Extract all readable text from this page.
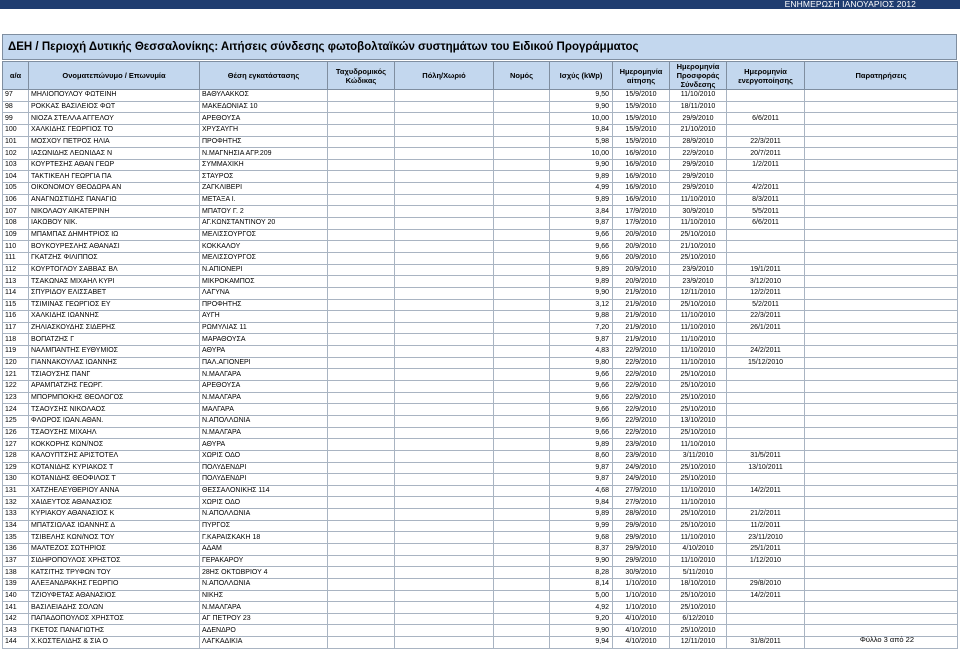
ΕΝΗΜΕΡΩΣΗ ΙΑΝΟΥΑΡΙΟΣ 2012
ΔΕΗ / Περιοχή Δυτικής Θεσσαλονίκης: Αιτήσεις σύνδεσης φωτοβολταϊκών συστημάτων του Ειδικού Προγράμματος
α/α	Ονοματεπώνυμο / Επωνυμία	Θέση εγκατάστασης	Ταχυδρομικός Κώδικας	Πόλη/Χωριό	Νομός	Ισχύς (kWp)	Ημερομηνία αίτησης	Ημερομηνία Προσφοράς Σύνδεσης	Ημερομηνία ενεργοποίησης	Παρατηρήσεις
97	ΜΗΛΙΟΠΟΥΛΟΥ ΦΩΤΕΙΝΗ	ΒΑΘΥΛΑΚΚΟΣ				9,50	15/9/2010	11/10/2010		
98	ΡΟΚΚΑΣ ΒΑΣΙΛΕΙΟΣ ΦΩΤ	ΜΑΚΕΔΟΝΙΑΣ 10				9,90	15/9/2010	18/11/2010		
99	ΝΙΟΖΑ ΣΤΕΛΛΑ ΑΓΓΕΛΟΥ	ΑΡΕΘΟΥΣΑ				10,00	15/9/2010	29/9/2010	6/6/2011	
100	ΧΑΛΚΙΔΗΣ ΓΕΩΡΓΙΟΣ ΤΟ	ΧΡΥΣΑΥΓΗ				9,84	15/9/2010	21/10/2010		
101	ΜΟΣΧΟΥ ΠΕΤΡΟΣ ΗΛΙΑ	ΠΡΟΦΗΤΗΣ				5,98	15/9/2010	28/9/2010	22/3/2011	
102	ΙΑΣΩΝΙΔΗΣ ΛΕΩΝΙΔΑΣ Ν	Ν.ΜΑΓΝΗΣΙΑ ΑΓΡ.209				10,00	16/9/2010	22/9/2010	20/7/2011	
103	ΚΟΥΡΤΕΣΗΣ ΑΘΑΝ ΓΕΩΡ	ΣΥΜΜΑΧΙΚΗ				9,90	16/9/2010	29/9/2010	1/2/2011	
104	ΤΑΚΤΙΚΕΛΗ ΓΕΩΡΓΙΑ ΠΑ	ΣΤΑΥΡΟΣ				9,89	16/9/2010	29/9/2010		
105	ΟΙΚΟΝΟΜΟΥ ΘΕΟΔΩΡΑ ΑΝ	ΖΑΓΚΛΙΒΕΡΙ				4,99	16/9/2010	29/9/2010	4/2/2011	
106	ΑΝΑΓΝΩΣΤΙΔΗΣ ΠΑΝΑΓΙΩ	ΜΕΤΑΞΑ Ι.				9,89	16/9/2010	11/10/2010	8/3/2011	
107	ΝΙΚΟΛΑΟΥ ΑΙΚΑΤΕΡΙΝΗ	ΜΠΑΤΟΥ Γ. 2				3,84	17/9/2010	30/9/2010	5/5/2011	
108	ΙΑΚΩΒΟΥ ΝΙΚ.	ΑΓ.ΚΩΝΣΤΑΝΤΙΝΟΥ 20				9,87	17/9/2010	11/10/2010	6/6/2011	
109	ΜΠΑΜΠΑΣ ΔΗΜΗΤΡΙΟΣ ΙΩ	ΜΕΛΙΣΣΟΥΡΓΟΣ				9,66	20/9/2010	25/10/2010		
110	ΒΟΥΚΟΥΡΕΣΛΗΣ ΑΘΑΝΑΣΙ	ΚΟΚΚΑΛΟΥ				9,66	20/9/2010	21/10/2010		
111	ΓΚΑΤΖΗΣ ΦΙΛΙΠΠΟΣ	ΜΕΛΙΣΣΟΥΡΓΟΣ				9,66	20/9/2010	25/10/2010		
112	ΚΟΥΡΤΟΓΛΟΥ ΣΑΒΒΑΣ ΒΛ	Ν.ΑΠΙΟΝΕΡΙ				9,89	20/9/2010	23/9/2010	19/1/2011	
113	ΤΣΑΚΩΝΑΣ ΜΙΧΑΗΛ ΚΥΡΙ	ΜΙΚΡΟΚΑΜΠΟΣ				9,89	20/9/2010	23/9/2010	3/12/2010	
114	ΣΠΥΡΙΔΟΥ ΕΛΙΣΣΑΒΕΤ	ΛΑΓΥΝΑ				9,90	21/9/2010	12/11/2010	12/2/2011	
115	ΤΣΙΜΙΝΑΣ ΓΕΩΡΓΙΟΣ ΕΥ	ΠΡΟΦΗΤΗΣ				3,12	21/9/2010	25/10/2010	5/2/2011	
116	ΧΑΛΚΙΔΗΣ ΙΩΑΝΝΗΣ	ΑΥΓΗ				9,88	21/9/2010	11/10/2010	22/3/2011	
117	ΖΗΛΙΑΣΚΟΥΔΗΣ ΣΙΔΕΡΗΣ	ΡΩΜΥΛΙΑΣ 11				7,20	21/9/2010	11/10/2010	26/1/2011	
118	ΒΟΠΑΤΖΗΣ Γ	ΜΑΡΑΘΟΥΣΑ				9,87	21/9/2010	11/10/2010		
119	ΝΑΛΜΠΑΝΤΗΣ ΕΥΘΥΜΙΟΣ	ΑΘΥΡΑ				4,83	22/9/2010	11/10/2010	24/2/2011	
120	ΓΙΑΝΝΑΚΟΥΛΑΣ ΙΩΑΝΝΗΣ	ΠΑΛ.ΑΓΙΟΝΕΡΙ				9,80	22/9/2010	11/10/2010	15/12/2010	
121	ΤΣΙΑΟΥΣΗΣ ΠΑΝΓ	Ν.ΜΑΛΓΑΡΑ				9,66	22/9/2010	25/10/2010		
122	ΑΡΑΜΠΑΤΖΗΣ ΓΕΩΡΓ.	ΑΡΕΘΟΥΣΑ				9,66	22/9/2010	25/10/2010		
123	ΜΠΟΡΜΠΟΚΗΣ ΘΕΟΛΟΓΟΣ	Ν.ΜΑΛΓΑΡΑ				9,66	22/9/2010	25/10/2010		
124	ΤΣΑΟΥΣΗΣ ΝΙΚΟΛΑΟΣ	ΜΑΛΓΑΡΑ				9,66	22/9/2010	25/10/2010		
125	ΦΛΩΡΟΣ ΙΩΑΝ.ΑΘΑΝ.	Ν.ΑΠΟΛΛΩΝΙΑ				9,66	22/9/2010	13/10/2010		
126	ΤΣΑΟΥΣΗΣ ΜΙΧΑΗΛ	Ν.ΜΑΛΓΑΡΑ				9,66	22/9/2010	25/10/2010		
127	ΚΟΚΚΟΡΗΣ ΚΩΝ/ΝΟΣ	ΑΘΥΡΑ				9,89	23/9/2010	11/10/2010		
128	ΚΑΛΟΥΠΤΣΗΣ ΑΡΙΣΤΟΤΕΛ	ΧΩΡΙΣ ΟΔΟ				8,60	23/9/2010	3/11/2010	31/5/2011	
129	ΚΟΤΑΝΙΔΗΣ ΚΥΡΙΑΚΟΣ Τ	ΠΟΛΥΔΕΝΔΡΙ				9,87	24/9/2010	25/10/2010	13/10/2011	
130	ΚΟΤΑΝΙΔΗΣ ΘΕΟΦΙΛΟΣ Τ	ΠΟΛΥΔΕΝΔΡΙ				9,87	24/9/2010	25/10/2010		
131	ΧΑΤΖΗΕΛΕΥΘΕΡΙΟΥ ΑΝΝΑ	ΘΕΣΣΑΛΟΝΙΚΗΣ 114				4,68	27/9/2010	11/10/2010	14/2/2011	
132	ΧΑΙΔΕΥΤΟΣ ΑΘΑΝΑΣΙΟΣ	ΧΩΡΙΣ ΟΔΟ				9,84	27/9/2010	11/10/2010		
133	ΚΥΡΙΑΚΟΥ ΑΘΑΝΑΣΙΟΣ Κ	Ν.ΑΠΟΛΛΩΝΙΑ				9,89	28/9/2010	25/10/2010	21/2/2011	
134	ΜΠΑΤΣΙΩΛΑΣ ΙΩΑΝΝΗΣ Δ	ΠΥΡΓΟΣ				9,99	29/9/2010	25/10/2010	11/2/2011	
135	ΤΣΙΒΕΛΗΣ ΚΩΝ/ΝΟΣ ΤΟΥ	Γ.ΚΑΡΑΙΣΚΑΚΗ 18				9,68	29/9/2010	11/10/2010	23/11/2010	
136	ΜΑΛΤΕΖΟΣ ΣΩΤΗΡΙΟΣ	ΑΔΑΜ				8,37	29/9/2010	4/10/2010	25/1/2011	
137	ΣΙΔΗΡΟΠΟΥΛΟΣ ΧΡΗΣΤΟΣ	ΓΕΡΑΚΑΡΟΥ				9,90	29/9/2010	11/10/2010	1/12/2010	
138	ΚΑΤΣΙΤΗΣ ΤΡΥΦΩΝ ΤΟΥ	28ΗΣ ΟΚΤΩΒΡΙΟΥ 4				8,28	30/9/2010	5/11/2010		
139	ΑΛΕΞΑΝΔΡΑΚΗΣ ΓΕΩΡΓΙΟ	Ν.ΑΠΟΛΛΩΝΙΑ				8,14	1/10/2010	18/10/2010	29/8/2010	
140	ΤΖΙΟΥΦΕΤΑΣ ΑΘΑΝΑΣΙΟΣ	ΝΙΚΗΣ				5,00	1/10/2010	25/10/2010	14/2/2011	
141	ΒΑΣΙΛΕΙΑΔΗΣ ΣΟΛΩΝ	Ν.ΜΑΛΓΑΡΑ				4,92	1/10/2010	25/10/2010		
142	ΠΑΠΑΔΟΠΟΥΛΟΣ ΧΡΗΣΤΟΣ	ΑΓ ΠΕΤΡΟΥ 23				9,20	4/10/2010	6/12/2010		
143	ΓΚΕΤΟΣ ΠΑΝΑΓΙΩΤΗΣ	ΑΔΕΝΔΡΟ				9,90	4/10/2010	25/10/2010		
144	Χ.ΚΩΣΤΕΛΙΔΗΣ & ΣΙΑ Ο	ΛΑΓΚΑΔΙΚΙΑ				9,94	4/10/2010	12/11/2010	31/8/2011		Φύλλο 3 από 22
